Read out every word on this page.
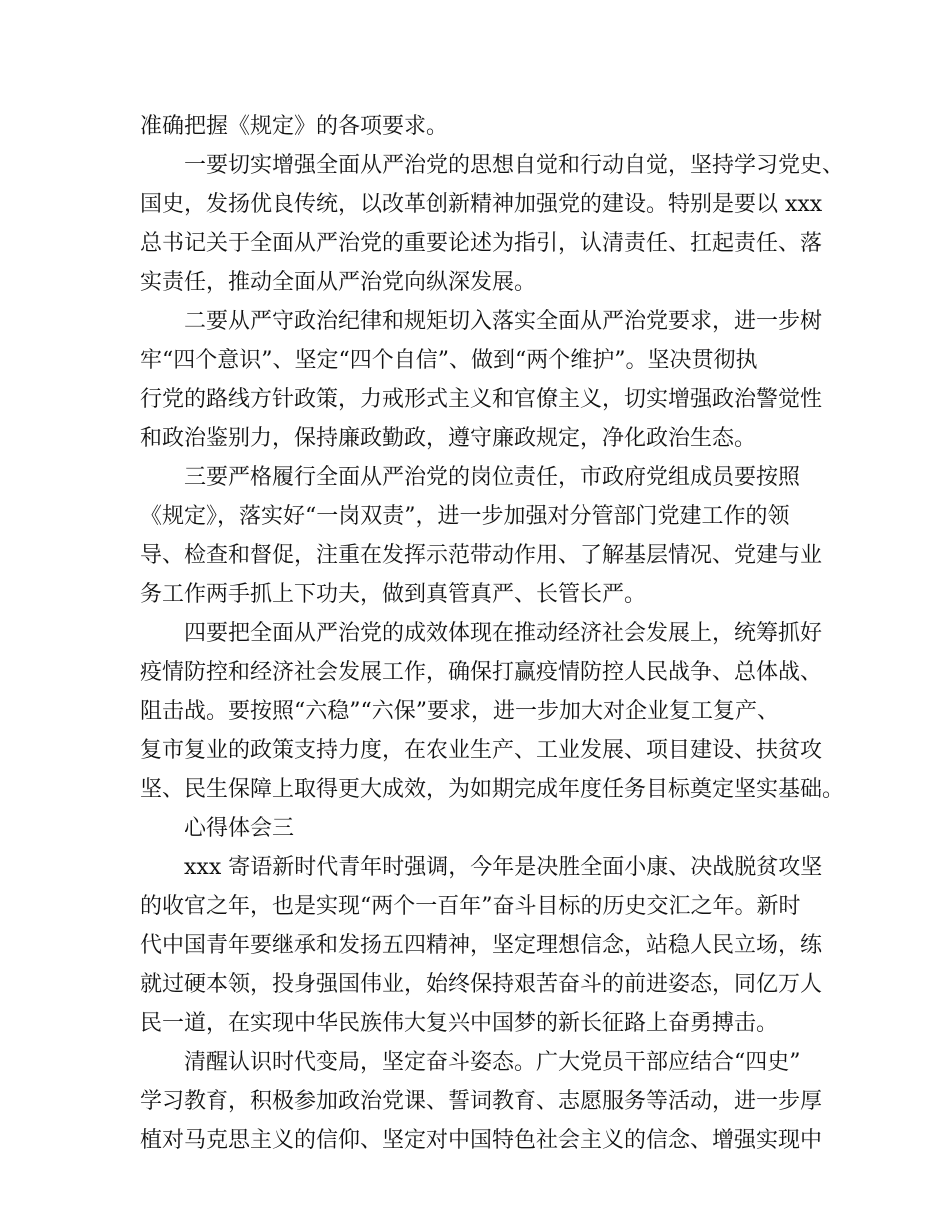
准确把握《规定》的各项要求。
一要切实增强全面从严治党的思想自觉和行动自觉，坚持学习党史、
国史，发扬优良传统，以改革创新精神加强党的建设。特别是要以 xxx
总书记关于全面从严治党的重要论述为指引，认清责任、扛起责任、落
实责任，推动全面从严治党向纵深发展。
二要从严守政治纪律和规矩切入落实全面从严治党要求，进一步树
牢“四个意识”、坚定“四个自信”、做到“两个维护”。坚决贯彻执
行党的路线方针政策，力戒形式主义和官僚主义，切实增强政治警觉性
和政治鉴别力，保持廉政勤政，遵守廉政规定，净化政治生态。
三要严格履行全面从严治党的岗位责任，市政府党组成员要按照
《规定》，落实好“一岗双责”，进一步加强对分管部门党建工作的领
导、检查和督促，注重在发挥示范带动作用、了解基层情况、党建与业
务工作两手抓上下功夫，做到真管真严、长管长严。
四要把全面从严治党的成效体现在推动经济社会发展上，统筹抓好
疫情防控和经济社会发展工作，确保打赢疫情防控人民战争、总体战、
阻击战。要按照“六稳”“六保”要求，进一步加大对企业复工复产、
复市复业的政策支持力度，在农业生产、工业发展、项目建设、扶贫攻
坚、民生保障上取得更大成效，为如期完成年度任务目标奠定坚实基础。
心得体会三
xxx 寄语新时代青年时强调，今年是决胜全面小康、决战脱贫攻坚
的收官之年，也是实现“两个一百年”奋斗目标的历史交汇之年。新时
代中国青年要继承和发扬五四精神，坚定理想信念，站稳人民立场，练
就过硬本领，投身强国伟业，始终保持艰苦奋斗的前进姿态，同亿万人
民一道，在实现中华民族伟大复兴中国梦的新长征路上奋勇搏击。
清醒认识时代变局，坚定奋斗姿态。广大党员干部应结合“四史”
学习教育，积极参加政治党课、誓词教育、志愿服务等活动，进一步厚
植对马克思主义的信仰、坚定对中国特色社会主义的信念、增强实现中
